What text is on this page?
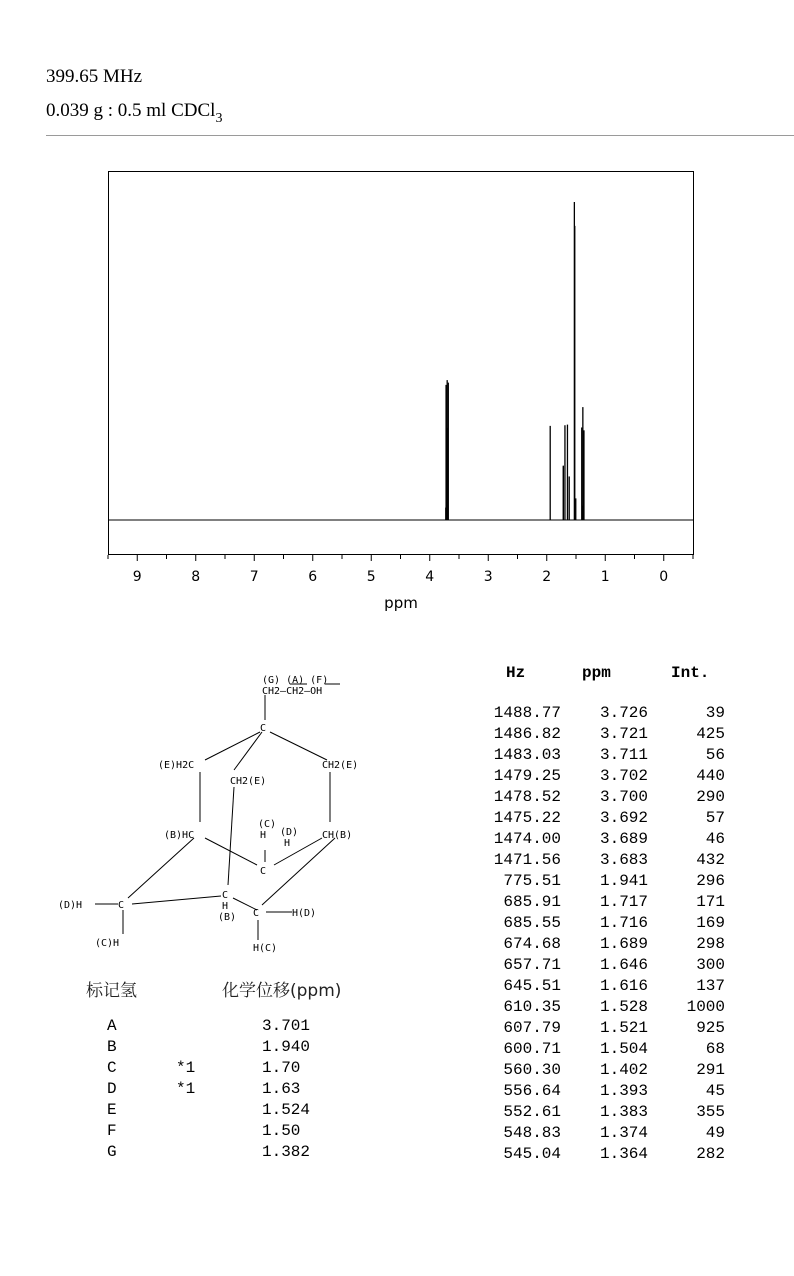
399.65 MHz
0.039 g : 0.5 ml CDCl$_3$
9	8	7	6	5	4	3	2	1	0
ppm
Hz	ppm	Int.
1488.77 3.726	39
1486.82 3.721	425
1483.03 3.711	56
1479.25 3.702	440
1478.52 3.700	290
1475.22 3.692	57
1474.00 3.689	46
1471.56 3.683	432
775.51 1.941	296
685.91 1.717	171
685.55 1.716	169
674.68 1.689	298
657.71 1.646	300
645.51 1.616	137
610.35 1.528 1000
607.79 1.521	925
600.71 1.504	68
560.30 1.402	291
556.64 1.393	45
552.61 1.383	355
548.83 1.374	49
545.04 1.364	282
(G) (A) (F)
CH2—CH2—OH
C
(E)H2C	CH2(E)
CH2(E)
(B)HC	CH(B)
(C)
H (D)
H
C
(D)H	C
(C)H
C
H
(B) C	H(D)
H(C)
标记氢	化学位移(ppm)
A	3.701
B	1.940
C	*1	1.70
D	*1	1.63
E	1.524
F	1.50
G	1.382
